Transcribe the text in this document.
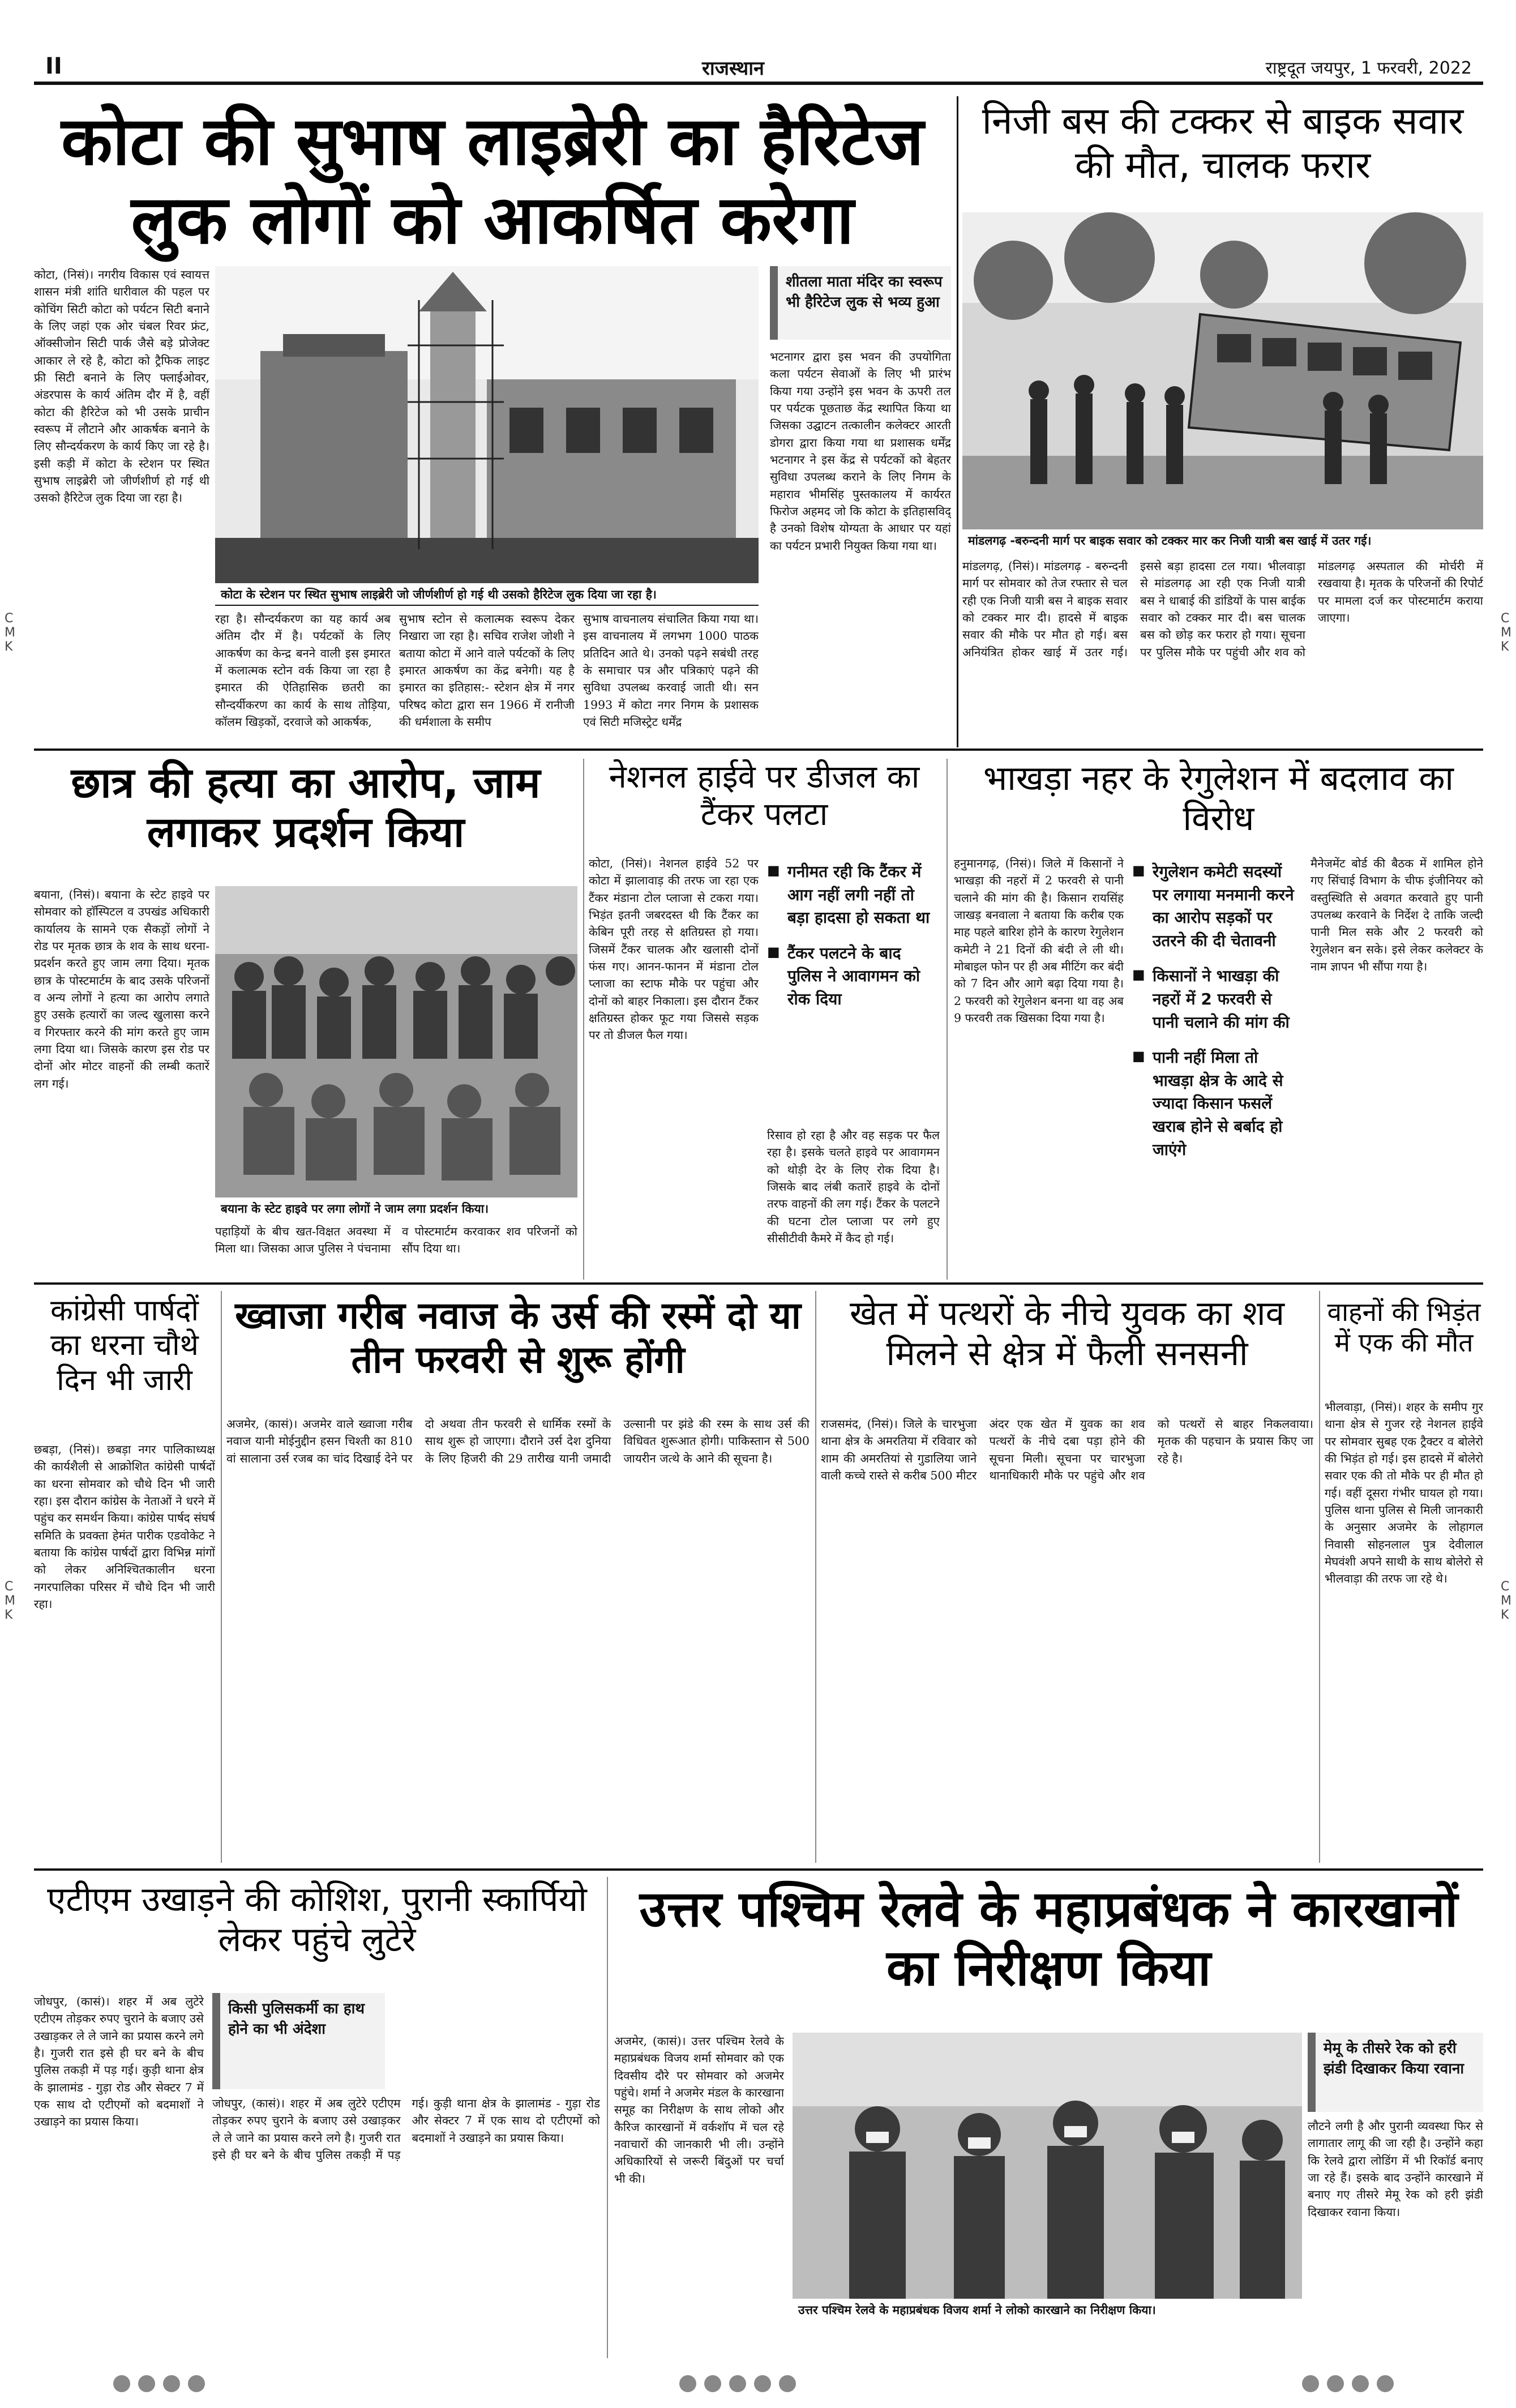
II	राजस्थान	राष्ट्रदूत जयपुर, 1 फरवरी, 2022
C
M
K
C
M
K
C
M
K
C
M
K
कोटा की सुभाष लाइब्रेरी का हैरिटेज लुक लोगों को आकर्षित करेगा
कोटा, (निसं)। नगरीय विकास एवं स्वायत्त शासन मंत्री शांति धारीवाल की पहल पर कोचिंग सिटी कोटा को पर्यटन सिटी बनाने के लिए जहां एक ओर चंबल रिवर फ्रंट, ऑक्सीजोन सिटी पार्क जैसे बड़े प्रोजेक्ट आकार ले रहे है, कोटा को ट्रैफिक लाइट फ्री सिटी बनाने के लिए फ्लाईओवर, अंडरपास के कार्य अंतिम दौर में है, वहीं कोटा की हैरिटेज को भी उसके प्राचीन स्वरूप में लौटाने और आकर्षक बनाने के लिए सौन्दर्यकरण के कार्य किए जा रहे है। इसी कड़ी में कोटा के स्टेशन पर स्थित सुभाष लाइब्रेरी जो जीर्णशीर्ण हो गई थी उसको हैरिटेज लुक दिया जा रहा है।
कोटा के स्टेशन पर स्थित सुभाष लाइब्रेरी जो जीर्णशीर्ण हो गई थी उसको हैरिटेज लुक दिया जा रहा है।
रहा है। सौन्दर्यकरण का यह कार्य अब अंतिम दौर में है। पर्यटकों के लिए आकर्षण का केन्द्र बनने वाली इस इमारत में कलात्मक स्टोन वर्क किया जा रहा है इमारत की ऐतिहासिक छतरी का सौन्दर्यीकरण का कार्य के साथ तोड़िया, कॉलम खिड़कों, दरवाजे को आकर्षक,
सुभाष स्टोन से कलात्मक स्वरूप देकर निखारा जा रहा है। सचिव राजेश जोशी ने बताया कोटा में आने वाले पर्यटकों के लिए इमारत आकर्षण का केंद्र बनेगी। यह है इमारत का इतिहास:- स्टेशन क्षेत्र में नगर परिषद कोटा द्वारा सन 1966 में रानीजी की धर्मशाला के समीप
सुभाष वाचनालय संचालित किया गया था। इस वाचनालय में लगभग 1000 पाठक प्रतिदिन आते थे। उनको पढ़ने सबंधी तरह के समाचार पत्र और पत्रिकाएं पढ़ने की सुविधा उपलब्ध करवाई जाती थी। सन 1993 में कोटा नगर निगम के प्रशासक एवं सिटी मजिस्ट्रेट धर्मेंद्र
शीतला माता मंदिर का स्वरूप भी हैरिटेज लुक से भव्य हुआ
भटनागर द्वारा इस भवन की उपयोगिता कला पर्यटन सेवाओं के लिए भी प्रारंभ किया गया उन्होंने इस भवन के ऊपरी तल पर पर्यटक पूछताछ केंद्र स्थापित किया था जिसका उद्घाटन तत्कालीन कलेक्टर आरती डोगरा द्वारा किया गया था प्रशासक धर्मेंद्र भटनागर ने इस केंद्र से पर्यटकों को बेहतर सुविधा उपलब्ध कराने के लिए निगम के महाराव भीमसिंह पुस्तकालय में कार्यरत फिरोज अहमद जो कि कोटा के इतिहासविद् है उनको विशेष योग्यता के आधार पर यहां का पर्यटन प्रभारी नियुक्त किया गया था।
निजी बस की टक्कर से बाइक सवार की मौत, चालक फरार
मांडलगढ़ -बरुन्दनी मार्ग पर बाइक सवार को टक्कर मार कर निजी यात्री बस खाई में उतर गई।
मांडलगढ़, (निसं)। मांडलगढ़ - बरुन्दनी मार्ग पर सोमवार को तेज रफ्तार से चल रही एक निजी यात्री बस ने बाइक सवार को टक्कर मार दी। हादसे में बाइक सवार की मौके पर मौत हो गई। बस अनियंत्रित होकर खाई में उतर गई। इससे बड़ा हादसा टल गया। भीलवाड़ा से मांडलगढ़ आ रही एक निजी यात्री बस ने धाबाई की डांडियों के पास बाईक सवार को टक्कर मार दी। बस चालक बस को छोड़ कर फरार हो गया। सूचना पर पुलिस मौके पर पहुंची और शव को मांडलगढ़ अस्पताल की मोर्चरी में रखवाया है। मृतक के परिजनों की रिपोर्ट पर मामला दर्ज कर पोस्टमार्टम कराया जाएगा।
छात्र की हत्या का आरोप, जाम लगाकर प्रदर्शन किया
बयाना, (निसं)। बयाना के स्टेट हाइवे पर सोमवार को हाॅस्पिटल व उपखंड अधिकारी कार्यालय के सामने एक सैकड़ों लोगों ने रोड पर मृतक छात्र के शव के साथ धरना-प्रदर्शन करते हुए जाम लगा दिया। मृतक छात्र के पोस्टमार्टम के बाद उसके परिजनों व अन्य लोगों ने हत्या का आरोप लगाते हुए उसके हत्यारों का जल्द खुलासा करने व गिरफ्तार करने की मांग करते हुए जाम लगा दिया था। जिसके कारण इस रोड पर दोनों ओर मोटर वाहनों की लम्बी कतारें लग गई।
बयाना के स्टेट हाइवे पर लगा लोगों ने जाम लगा प्रदर्शन किया।
पहाड़ियों के बीच खत-विक्षत अवस्था में मिला था। जिसका आज पुलिस ने पंचनामा व पोस्टमार्टम करवाकर शव परिजनों को सौंप दिया था।
नेशनल हाईवे पर डीजल का टैंकर पलटा
कोटा, (निसं)। नेशनल हाईवे 52 पर कोटा में झालावाड़ की तरफ जा रहा एक टैंकर मंडाना टोल प्लाजा से टकरा गया। भिड़ंत इतनी जबरदस्त थी कि टैंकर का केबिन पूरी तरह से क्षतिग्रस्त हो गया। जिसमें टैंकर चालक और खलासी दोनों फंस गए। आनन-फानन में मंडाना टोल प्लाजा का स्टाफ मौके पर पहुंचा और दोनों को बाहर निकाला। इस दौरान टैंकर क्षतिग्रस्त होकर फूट गया जिससे सड़क पर तो डीजल फैल गया।
■ गनीमत रही कि टैंकर में आग नहीं लगी नहीं तो बड़ा हादसा हो सकता था
■ टैंकर पलटने के बाद पुलिस ने आवागमन को रोक दिया
रिसाव हो रहा है और वह सड़क पर फैल रहा है। इसके चलते हाइवे पर आवागमन को थोड़ी देर के लिए रोक दिया है। जिसके बाद लंबी कतारें हाइवे के दोनों तरफ वाहनों की लग गई। टैंकर के पलटने की घटना टोल प्लाजा पर लगे हुए सीसीटीवी कैमरे में कैद हो गई।
भाखड़ा नहर के रेगुलेशन में बदलाव का विरोध
हनुमानगढ़, (निसं)। जिले में किसानों ने भाखड़ा की नहरों में 2 फरवरी से पानी चलाने की मांग की है। किसान रायसिंह जाखड़ बनवाला ने बताया कि करीब एक माह पहले बारिश होने के कारण रेगुलेशन कमेटी ने 21 दिनों की बंदी ले ली थी। मोबाइल फोन पर ही अब मीटिंग कर बंदी को 7 दिन और आगे बढ़ा दिया गया है। 2 फरवरी को रेगुलेशन बनना था वह अब 9 फरवरी तक खिसका दिया गया है।
■ रेगुलेशन कमेटी सदस्यों पर लगाया मनमानी करने का आरोप सड़कों पर उतरने की दी चेतावनी
■ किसानों ने भाखड़ा की नहरों में 2 फरवरी से पानी चलाने की मांग की
■ पानी नहीं मिला तो भाखड़ा क्षेत्र के आदे से ज्यादा किसान फसलें खराब होने से बर्बाद हो जाएंगे
मैनेजमेंट बोर्ड की बैठक में शामिल होने गए सिंचाई विभाग के चीफ इंजीनियर को वस्तुस्थिति से अवगत करवाते हुए पानी उपलब्ध करवाने के निर्देश दे ताकि जल्दी पानी मिल सके और 2 फरवरी को रेगुलेशन बन सके। इसे लेकर कलेक्टर के नाम ज्ञापन भी सौंपा गया है।
कांग्रेसी पार्षदों का धरना चौथे दिन भी जारी
छबड़ा, (निसं)। छबड़ा नगर पालिकाध्यक्ष की कार्यशैली से आक्रोशित कांग्रेसी पार्षदों का धरना सोमवार को चौथे दिन भी जारी रहा। इस दौरान कांग्रेस के नेताओं ने धरने में पहुंच कर समर्थन किया। कांग्रेस पार्षद संघर्ष समिति के प्रवक्ता हेमंत पारीक एडवोकेट ने बताया कि कांग्रेस पार्षदों द्वारा विभिन्न मांगों को लेकर अनिश्चितकालीन धरना नगरपालिका परिसर में चौथे दिन भी जारी रहा।
ख्वाजा गरीब नवाज के उर्स की रस्में दो या तीन फरवरी से शुरू होंगी
अजमेर, (कासं)। अजमेर वाले ख्वाजा गरीब नवाज यानी मोईनुद्दीन हसन चिश्ती का 810 वां सालाना उर्स रजब का चांद दिखाई देने पर दो अथवा तीन फरवरी से धार्मिक रस्मों के साथ शुरू हो जाएगा। दौराने उर्स देश दुनिया के लिए हिजरी की 29 तारीख यानी जमादी उल्सानी पर झंडे की रस्म के साथ उर्स की विधिवत शुरूआत होगी। पाकिस्तान से 500 जायरीन जत्थे के आने की सूचना है।
खेत में पत्थरों के नीचे युवक का शव मिलने से क्षेत्र में फैली सनसनी
राजसमंद, (निसं)। जिले के चारभुजा थाना क्षेत्र के अमरतिया में रविवार को शाम की अमरतियां से गुडालिया जाने वाली कच्चे रास्ते से करीब 500 मीटर अंदर एक खेत में युवक का शव पत्थरों के नीचे दबा पड़ा होने की सूचना मिली। सूचना पर चारभुजा थानाधिकारी मौके पर पहुंचे और शव को पत्थरों से बाहर निकलवाया। मृतक की पहचान के प्रयास किए जा रहे है।
वाहनों की भिड़ंत में एक की मौत
भीलवाड़ा, (निसं)। शहर के समीप गुर थाना क्षेत्र से गुजर रहे नेशनल हाईवे पर सोमवार सुबह एक ट्रैक्टर व बोलेरो की भिड़ंत हो गई। इस हादसे में बोलेरो सवार एक की तो मौके पर ही मौत हो गई। वहीं दूसरा गंभीर घायल हो गया। पुलिस थाना पुलिस से मिली जानकारी के अनुसार अजमेर के लोहागल निवासी सोहनलाल पुत्र देवीलाल मेघवंशी अपने साथी के साथ बोलेरो से भीलवाड़ा की तरफ जा रहे थे।
एटीएम उखाड़ने की कोशिश, पुरानी स्कार्पियो लेकर पहुंचे लुटेरे
जोधपुर, (कासं)। शहर में अब लुटेरे एटीएम तोड़कर रुपए चुराने के बजाए उसे उखाड़कर ले ले जाने का प्रयास करने लगे है। गुजरी रात इसे ही घर बने के बीच पुलिस तकड़ी में पड़ गई। कुड़ी थाना क्षेत्र के झालामंड - गुड़ा रोड और सेक्टर 7 में एक साथ दो एटीएमों को बदमाशों ने उखाड़ने का प्रयास किया।
किसी पुलिसकर्मी का हाथ होने का भी अंदेशा
जोधपुर, (कासं)। शहर में अब लुटेरे एटीएम तोड़कर रुपए चुराने के बजाए उसे उखाड़कर ले ले जाने का प्रयास करने लगे है। गुजरी रात इसे ही घर बने के बीच पुलिस तकड़ी में पड़ गई। कुड़ी थाना क्षेत्र के झालामंड - गुड़ा रोड और सेक्टर 7 में एक साथ दो एटीएमों को बदमाशों ने उखाड़ने का प्रयास किया।
उत्तर पश्चिम रेलवे के महाप्रबंधक ने कारखानों का निरीक्षण किया
अजमेर, (कासं)। उत्तर पश्चिम रेलवे के महाप्रबंधक विजय शर्मा सोमवार को एक दिवसीय दौरे पर सोमवार को अजमेर पहुंचे। शर्मा ने अजमेर मंडल के कारखाना समूह का निरीक्षण के साथ लोको और कैरिज कारखानों में वर्कशॉप में चल रहे नवाचारों की जानकारी भी ली। उन्होंने अधिकारियों से जरूरी बिंदुओं पर चर्चा भी की।
उत्तर पश्चिम रेलवे के महाप्रबंधक विजय शर्मा ने लोको कारखाने का निरीक्षण किया।
मेमू के तीसरे रेक को हरी झंडी दिखाकर किया रवाना
लौटने लगी है और पुरानी व्यवस्था फिर से लागातार लागू की जा रही है। उन्होंने कहा कि रेलवे द्वारा लोडिंग में भी रिकाॅर्ड बनाए जा रहे हैं। इसके बाद उन्होंने कारखाने में बनाए गए तीसरे मेमू रेक को हरी झंडी दिखाकर रवाना किया।
